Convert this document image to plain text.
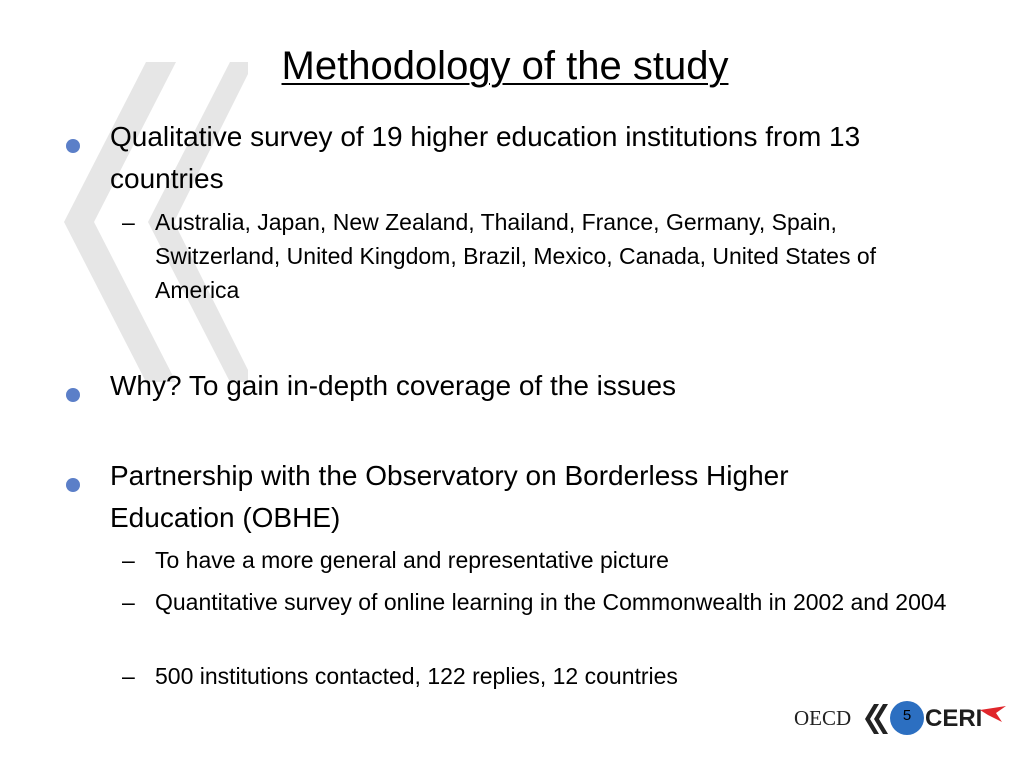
Methodology of the study
Qualitative survey of 19 higher education institutions from 13 countries
– Australia, Japan, New Zealand, Thailand, France, Germany, Spain, Switzerland, United Kingdom, Brazil, Mexico, Canada, United States of America
Why? To gain in-depth coverage of the issues
Partnership with the Observatory on Borderless Higher Education (OBHE)
– To have a more general and representative picture
– Quantitative survey of online learning in the Commonwealth in 2002 and 2004
– 500 institutions contacted, 122 replies, 12 countries
OECD	5 CERI
